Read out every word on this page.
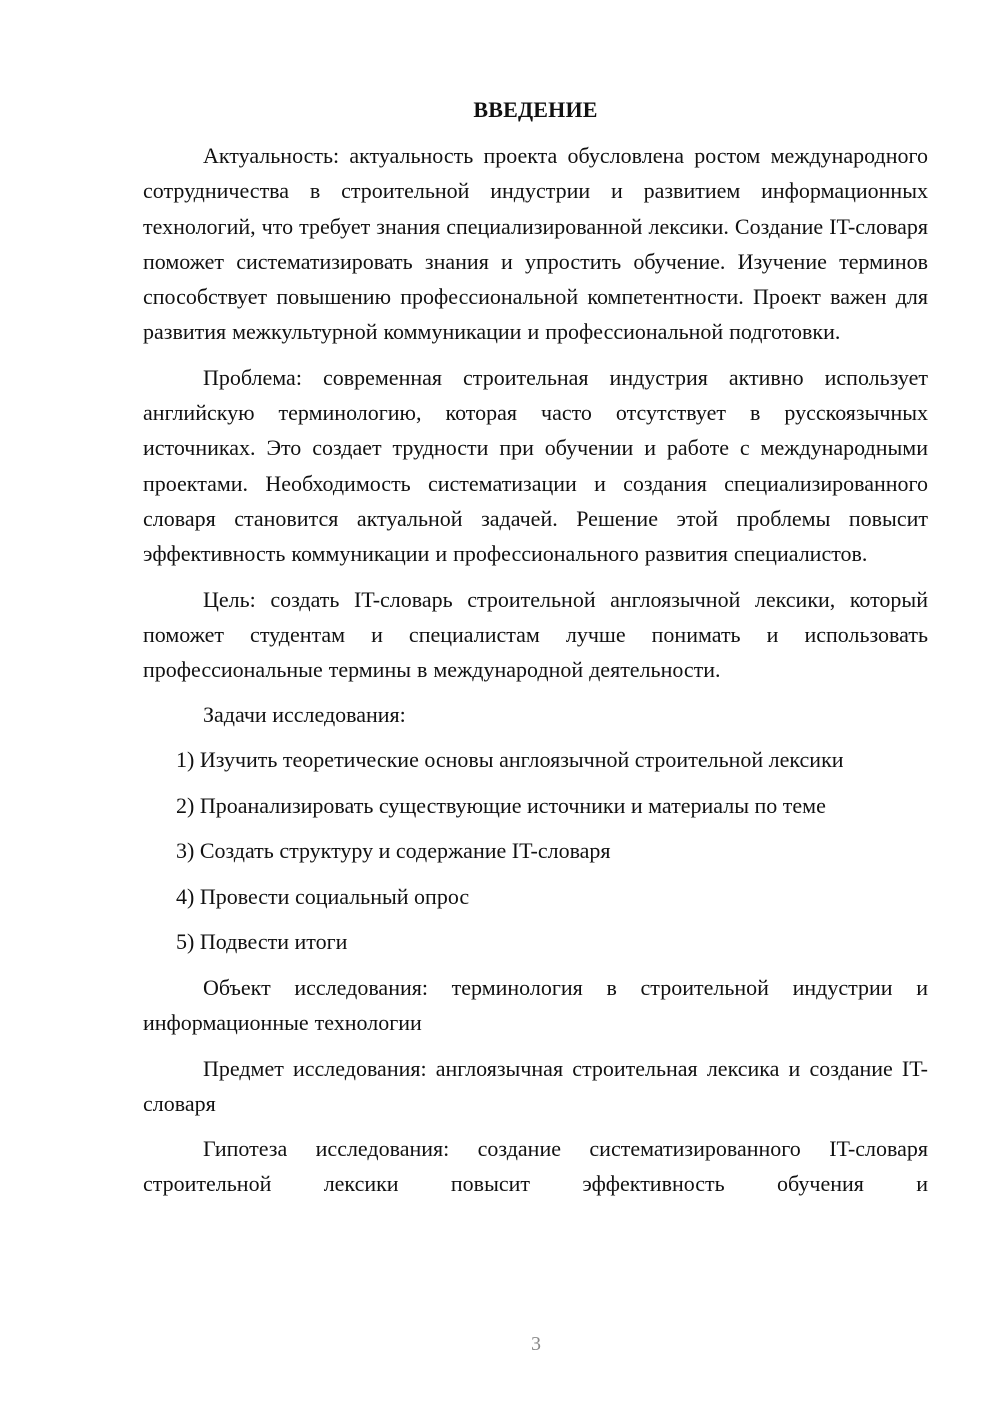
ВВЕДЕНИЕ

Актуальность: актуальность проекта обусловлена ростом международного сотрудничества в строительной индустрии и развитием информационных технологий, что требует знания специализированной лексики. Создание IT-словаря поможет систематизировать знания и упростить обучение. Изучение терминов способствует повышению профессиональной компетентности. Проект важен для развития межкультурной коммуникации и профессиональной подготовки.

Проблема: современная строительная индустрия активно использует английскую терминологию, которая часто отсутствует в русскоязычных источниках. Это создает трудности при обучении и работе с международными проектами. Необходимость систематизации и создания специализированного словаря становится актуальной задачей. Решение этой проблемы повысит эффективность коммуникации и профессионального развития специалистов.

Цель: создать IT-словарь строительной англоязычной лексики, который поможет студентам и специалистам лучше понимать и использовать профессиональные термины в международной деятельности.

Задачи исследования:
1) Изучить теоретические основы англоязычной строительной лексики
2) Проанализировать существующие источники и материалы по теме
3) Создать структуру и содержание IT-словаря
4) Провести социальный опрос
5) Подвести итоги

Объект исследования: терминология в строительной индустрии и информационные технологии

Предмет исследования: англоязычная строительная лексика и создание IT-словаря

Гипотеза исследования: создание систематизированного IT-словаря строительной лексики повысит эффективность обучения и

3
